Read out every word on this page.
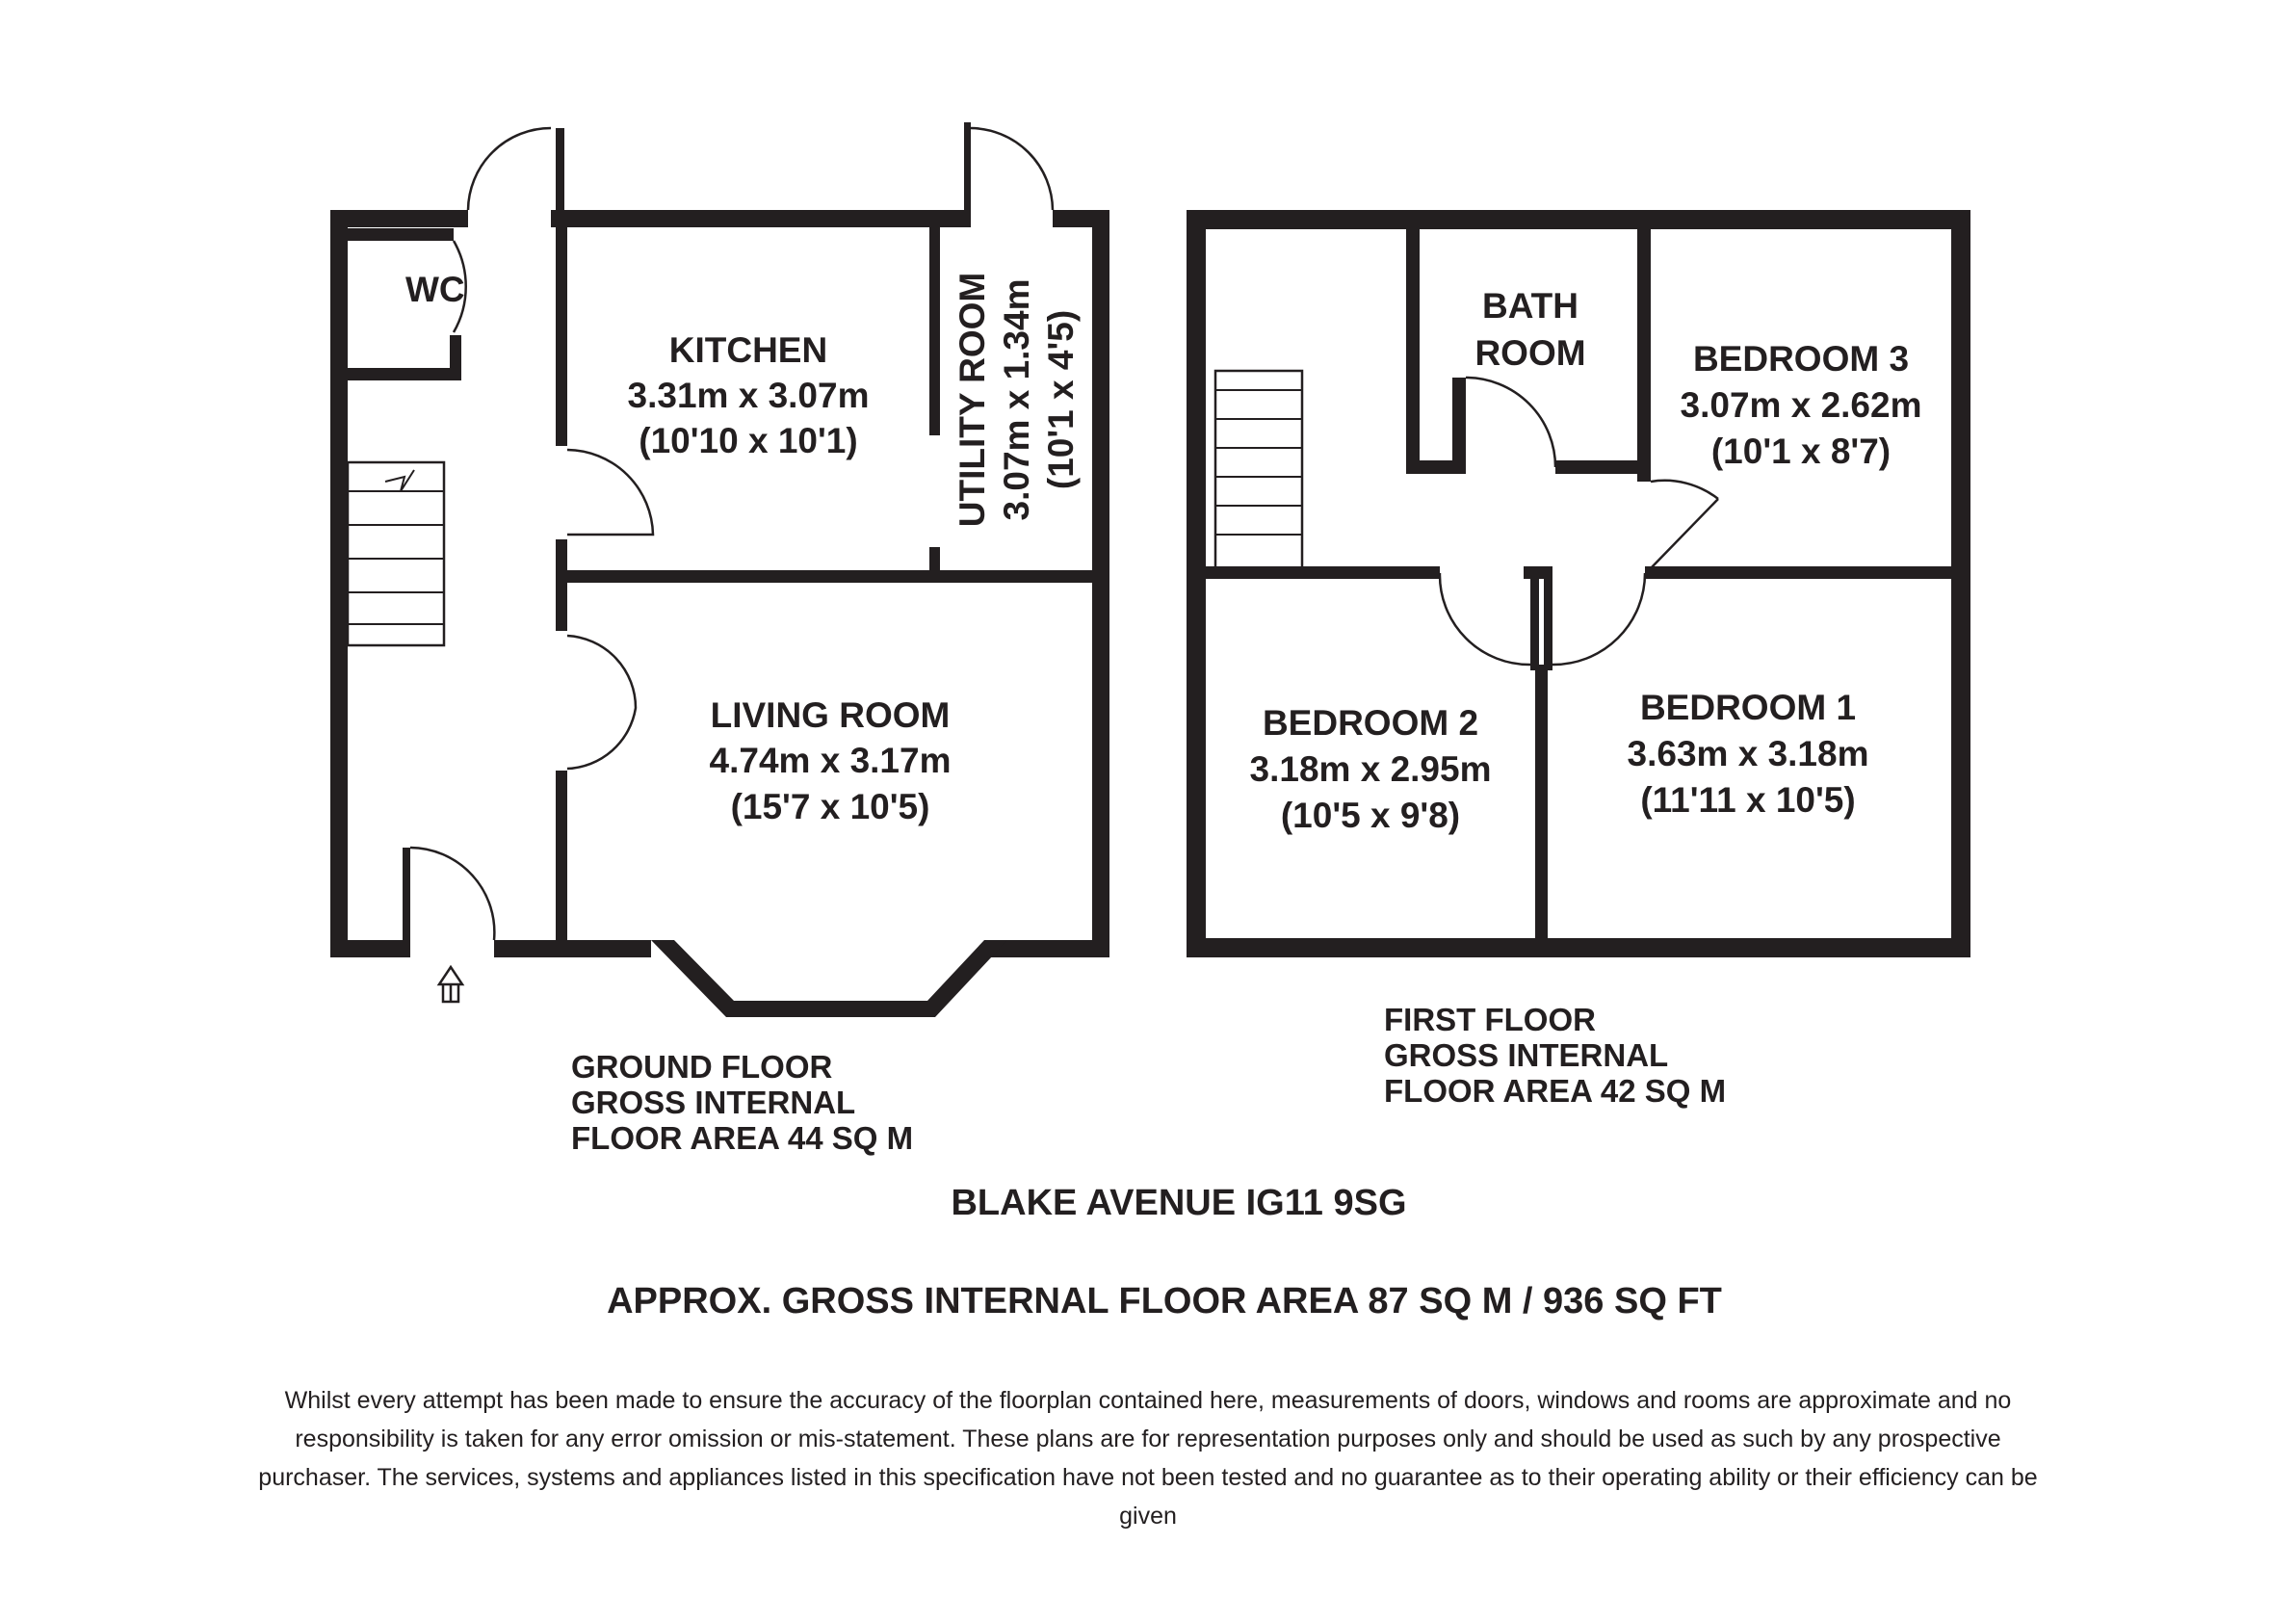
WC
KITCHEN
3.31m x 3.07m
(10'10 x 10'1)
LIVING ROOM
4.74m x 3.17m
(15'7 x 10'5)
UTILITY ROOM 3.07m x 1.34m (10'1 x 4'5)
GROUND FLOOR
GROSS INTERNAL
FLOOR AREA 44 SQ M
BATH
ROOM	BEDROOM 3
3.07m x 2.62m
(10'1 x 8'7)
BEDROOM 2
3.18m x 2.95m
(10'5 x 9'8)
BEDROOM 1
3.63m x 3.18m
(11'11 x 10'5)
FIRST FLOOR
GROSS INTERNAL
FLOOR AREA 42 SQ M
BLAKE AVENUE IG11 9SG
APPROX. GROSS INTERNAL FLOOR AREA 87 SQ M / 936 SQ FT
Whilst every attempt has been made to ensure the accuracy of the floorplan contained here, measurements of doors, windows and rooms are approximate and no responsibility is taken for any error omission or mis-statement. These plans are for representation purposes only and should be used as such by any prospective purchaser. The services, systems and appliances listed in this specification have not been tested and no guarantee as to their operating ability or their efficiency can be given
